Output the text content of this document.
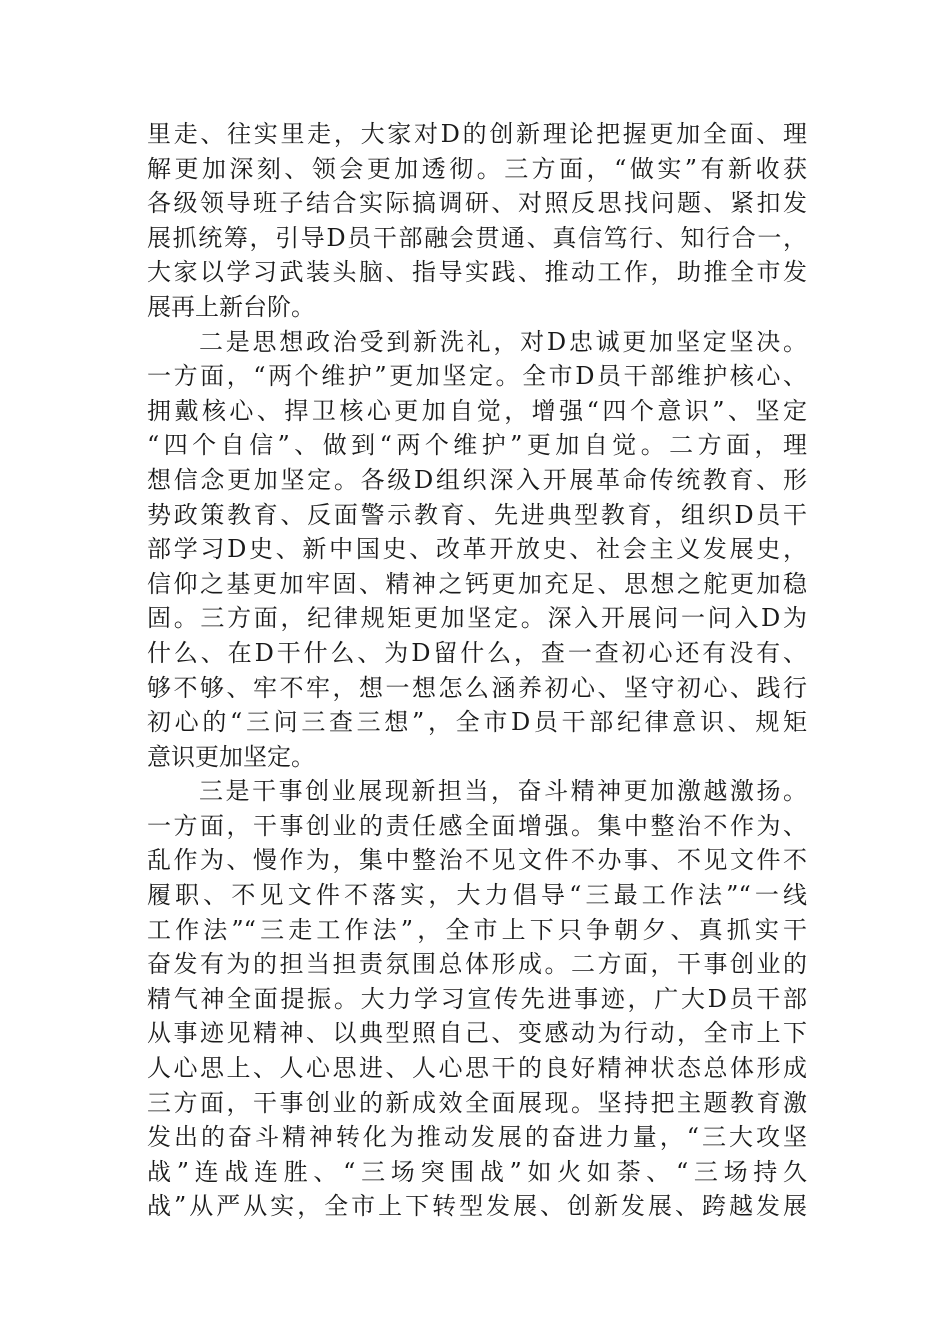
里走、往实里走，大家对D的创新理论把握更加全面、理
解更加深刻、领会更加透彻。三方面，“做实”有新收获
各级领导班子结合实际搞调研、对照反思找问题、紧扣发
展抓统筹，引导D员干部融会贯通、真信笃行、知行合一，
大家以学习武装头脑、指导实践、推动工作，助推全市发
展再上新台阶。
二是思想政治受到新洗礼，对D忠诚更加坚定坚决。
一方面，“两个维护”更加坚定。全市D员干部维护核心、
拥戴核心、捍卫核心更加自觉，增强“四个意识”、坚定
“四个自信”、做到“两个维护”更加自觉。二方面，理
想信念更加坚定。各级D组织深入开展革命传统教育、形
势政策教育、反面警示教育、先进典型教育，组织D员干
部学习D史、新中国史、改革开放史、社会主义发展史，
信仰之基更加牢固、精神之钙更加充足、思想之舵更加稳
固。三方面，纪律规矩更加坚定。深入开展问一问入D为
什么、在D干什么、为D留什么，查一查初心还有没有、
够不够、牢不牢，想一想怎么涵养初心、坚守初心、践行
初心的“三问三查三想”，全市D员干部纪律意识、规矩
意识更加坚定。
三是干事创业展现新担当，奋斗精神更加激越激扬。
一方面，干事创业的责任感全面增强。集中整治不作为、
乱作为、慢作为，集中整治不见文件不办事、不见文件不
履职、不见文件不落实，大力倡导“三最工作法”“一线
工作法”“三走工作法”，全市上下只争朝夕、真抓实干
奋发有为的担当担责氛围总体形成。二方面，干事创业的
精气神全面提振。大力学习宣传先进事迹，广大D员干部
从事迹见精神、以典型照自己、变感动为行动，全市上下
人心思上、人心思进、人心思干的良好精神状态总体形成
三方面，干事创业的新成效全面展现。坚持把主题教育激
发出的奋斗精神转化为推动发展的奋进力量，“三大攻坚
战”连战连胜、“三场突围战”如火如荼、“三场持久
战”从严从实，全市上下转型发展、创新发展、跨越发展
